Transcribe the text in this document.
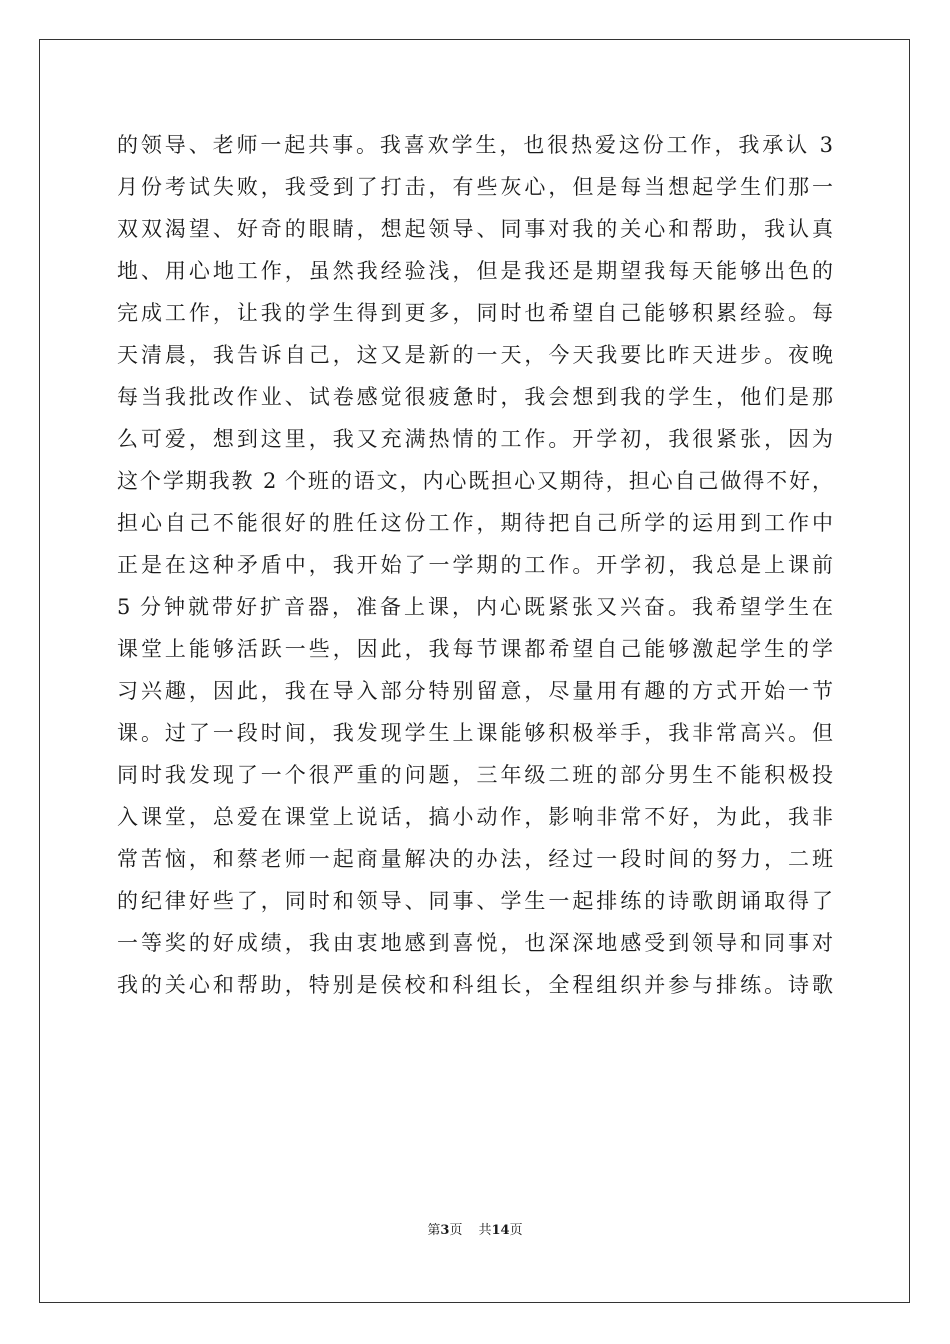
的领导、老师一起共事。我喜欢学生，也很热爱这份工作，我承认 3
月份考试失败，我受到了打击，有些灰心，但是每当想起学生们那一
双双渴望、好奇的眼睛，想起领导、同事对我的关心和帮助，我认真
地、用心地工作，虽然我经验浅，但是我还是期望我每天能够出色的
完成工作，让我的学生得到更多，同时也希望自己能够积累经验。每
天清晨，我告诉自己，这又是新的一天，今天我要比昨天进步。夜晚
每当我批改作业、试卷感觉很疲惫时，我会想到我的学生，他们是那
么可爱，想到这里，我又充满热情的工作。开学初，我很紧张，因为
这个学期我教 2 个班的语文，内心既担心又期待，担心自己做得不好，
担心自己不能很好的胜任这份工作，期待把自己所学的运用到工作中
正是在这种矛盾中，我开始了一学期的工作。开学初，我总是上课前
5 分钟就带好扩音器，准备上课，内心既紧张又兴奋。我希望学生在
课堂上能够活跃一些，因此，我每节课都希望自己能够激起学生的学
习兴趣，因此，我在导入部分特别留意，尽量用有趣的方式开始一节
课。过了一段时间，我发现学生上课能够积极举手，我非常高兴。但
同时我发现了一个很严重的问题，三年级二班的部分男生不能积极投
入课堂，总爱在课堂上说话，搞小动作，影响非常不好，为此，我非
常苦恼，和蔡老师一起商量解决的办法，经过一段时间的努力，二班
的纪律好些了，同时和领导、同事、学生一起排练的诗歌朗诵取得了
一等奖的好成绩，我由衷地感到喜悦，也深深地感受到领导和同事对
我的关心和帮助，特别是侯校和科组长，全程组织并参与排练。诗歌
第3页 共14页
